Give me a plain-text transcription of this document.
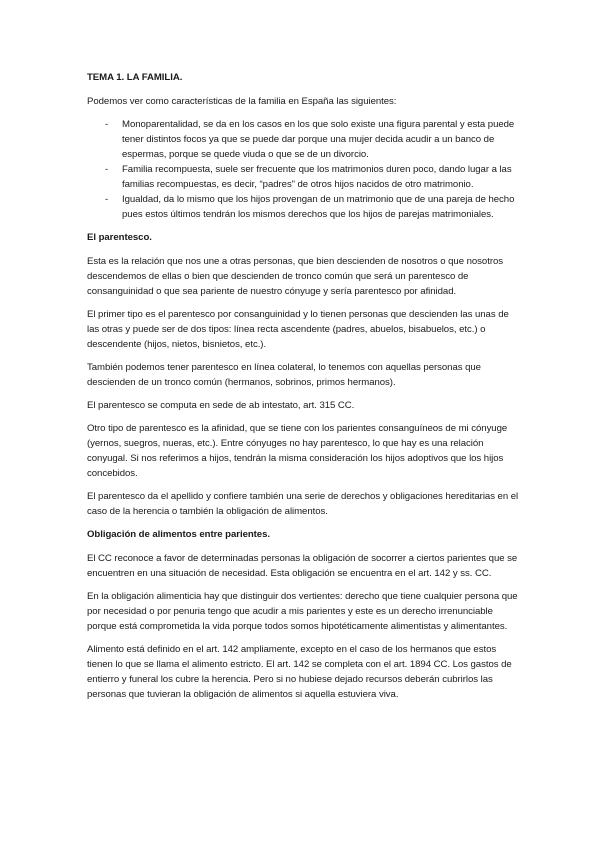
TEMA 1. LA FAMILIA.

Podemos ver como características de la familia en España las siguientes:

- Monoparentalidad, se da en los casos en los que solo existe una figura parental y esta puede tener distintos focos ya que se puede dar porque una mujer decida acudir a un banco de espermas, porque se quede viuda o que se de un divorcio.
- Familia recompuesta, suele ser frecuente que los matrimonios duren poco, dando lugar a las familias recompuestas, es decir, “padres” de otros hijos nacidos de otro matrimonio.
- Igualdad, da lo mismo que los hijos provengan de un matrimonio que de una pareja de hecho pues estos últimos tendrán los mismos derechos que los hijos de parejas matrimoniales.
El parentesco.

Esta es la relación que nos une a otras personas, que bien descienden de nosotros o que nosotros descendemos de ellas o bien que descienden de tronco común que será un parentesco de consanguinidad o que sea pariente de nuestro cónyuge y sería parentesco por afinidad.

El primer tipo es el parentesco por consanguinidad y lo tienen personas que descienden las unas de las otras y puede ser de dos tipos: línea recta ascendente (padres, abuelos, bisabuelos, etc.) o descendente (hijos, nietos, bisnietos, etc.).

También podemos tener parentesco en línea colateral, lo tenemos con aquellas personas que descienden de un tronco común (hermanos, sobrinos, primos hermanos).

El parentesco se computa en sede de ab intestato, art. 315 CC.

Otro tipo de parentesco es la afinidad, que se tiene con los parientes consanguíneos de mi cónyuge (yernos, suegros, nueras, etc.). Entre cónyuges no hay parentesco, lo que hay es una relación conyugal. Si nos referimos a hijos, tendrán la misma consideración los hijos adoptivos que los hijos concebidos.

El parentesco da el apellido y confiere también una serie de derechos y obligaciones hereditarias en el caso de la herencia o también la obligación de alimentos.

Obligación de alimentos entre parientes.

El CC reconoce a favor de determinadas personas la obligación de socorrer a ciertos parientes que se encuentren en una situación de necesidad. Esta obligación se encuentra en el art. 142 y ss. CC.

En la obligación alimenticia hay que distinguir dos vertientes: derecho que tiene cualquier persona que por necesidad o por penuria tengo que acudir a mis parientes y este es un derecho irrenunciable porque está comprometida la vida porque todos somos hipotéticamente alimentistas y alimentantes.

Alimento está definido en el art. 142 ampliamente, excepto en el caso de los hermanos que estos tienen lo que se llama el alimento estricto. El art. 142 se completa con el art. 1894 CC. Los gastos de entierro y funeral los cubre la herencia. Pero si no hubiese dejado recursos deberán cubrirlos las personas que tuvieran la obligación de alimentos si aquella estuviera viva.
